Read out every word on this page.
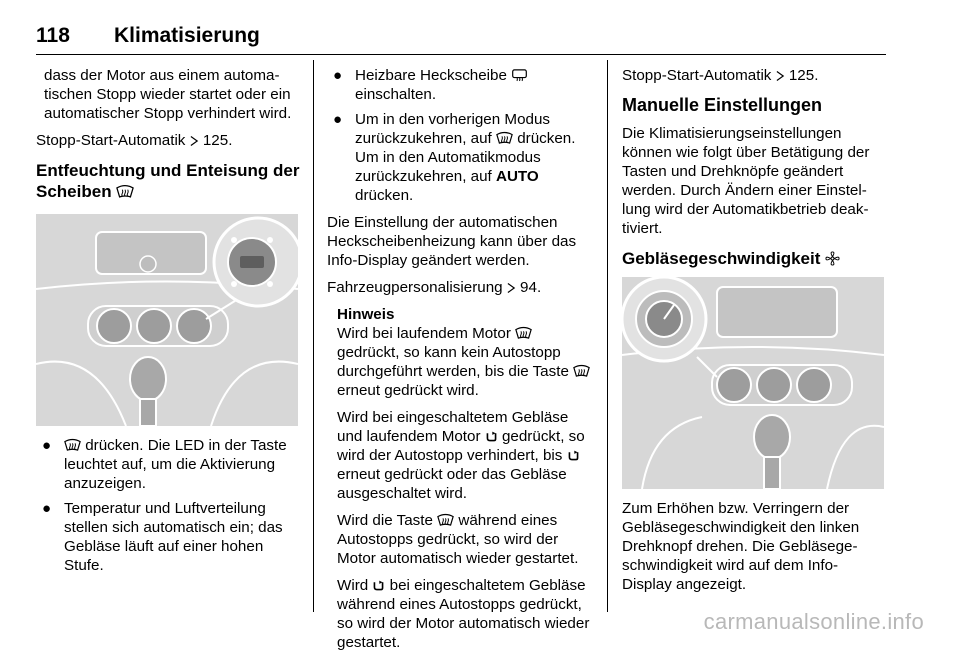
118 Klimatisierung

dass der Motor aus einem automatischen Stopp wieder startet oder ein automatischer Stopp verhindert wird.

Stopp-Start-Automatik  125.

Entfeuchtung und Enteisung der Scheiben
● drücken. Die LED in der Taste leuchtet auf, um die Aktivierung anzuzeigen.
● Temperatur und Luftverteilung stellen sich automatisch ein; das Gebläse läuft auf einer hohen Stufe.
● Heizbare Heckscheibe  einschalten.
● Um in den vorherigen Modus zurückzukehren, auf  drücken. Um in den Automatikmodus zurückzukehren, auf AUTO drücken.

Die Einstellung der automatischen Heckscheibenheizung kann über das Info-Display geändert werden.

Fahrzeugpersonalisierung  94.

Hinweis

Wird bei laufendem Motor  gedrückt, so kann kein Autostopp durchgeführt werden, bis die Taste  erneut gedrückt wird.

Wird bei eingeschaltetem Gebläse und laufendem Motor  gedrückt, so wird der Autostopp verhindert, bis  erneut gedrückt oder das Gebläse ausgeschaltet wird.

Wird die Taste  während eines Autostopps gedrückt, so wird der Motor automatisch wieder gestartet.

Wird  bei eingeschaltetem Gebläse während eines Autostopps gedrückt, so wird der Motor automatisch wieder gestartet.

Stopp-Start-Automatik  125.

Manuelle Einstellungen

Die Klimatisierungseinstellungen können wie folgt über Betätigung der Tasten und Drehknöpfe geändert werden. Durch Ändern einer Einstellung wird der Automatikbetrieb deaktiviert.

Gebläsegeschwindigkeit

Zum Erhöhen bzw. Verringern der Gebläsegeschwindigkeit den linken Drehknopf drehen. Die Gebläsegeschwindigkeit wird auf dem Info-Display angezeigt.

carmanualsonline.info
